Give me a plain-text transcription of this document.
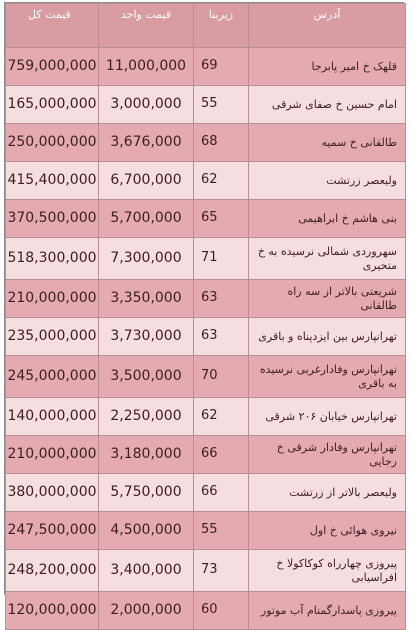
قیمت کل	قیمت واحد	زیربنا	آدرس
759,000,000	11,000,000	69	قلهک خ امیر پابرجا
165,000,000	3,000,000	55	امام حسین خ صفای شرقی
250,000,000	3,676,000	68	طالقانی خ سمیه
415,400,000	6,700,000	62	ولیعصر زرتشت
370,500,000	5,700,000	65	بنی هاشم خ ابراهیمی
518,300,000	7,300,000	71	سهروردی شمالی نرسیده به خ متحیری
210,000,000	3,350,000	63	شریعتی بالاتر از سه راه طالقانی
235,000,000	3,730,000	63	تهرانپارس بین ایزدپناه و باقری
245,000,000	3,500,000	70	تهرانپارس وفادارغربی نرسیده به باقری
140,000,000	2,250,000	62	تهرانپارس خیابان ۲۰۶ شرقی
210,000,000	3,180,000	66	تهرانپارس وفادار شرقی خ رجایی
380,000,000	5,750,000	66	ولیعصر بالاتر از زرتشت
247,500,000	4,500,000	55	نیروی هوائی خ اول
248,200,000	3,400,000	73	پیروزی چهارراه کوکاکولا خ افراسیابی
120,000,000	2,000,000	60	پیروزی پاسدارگمنام آب موتور
